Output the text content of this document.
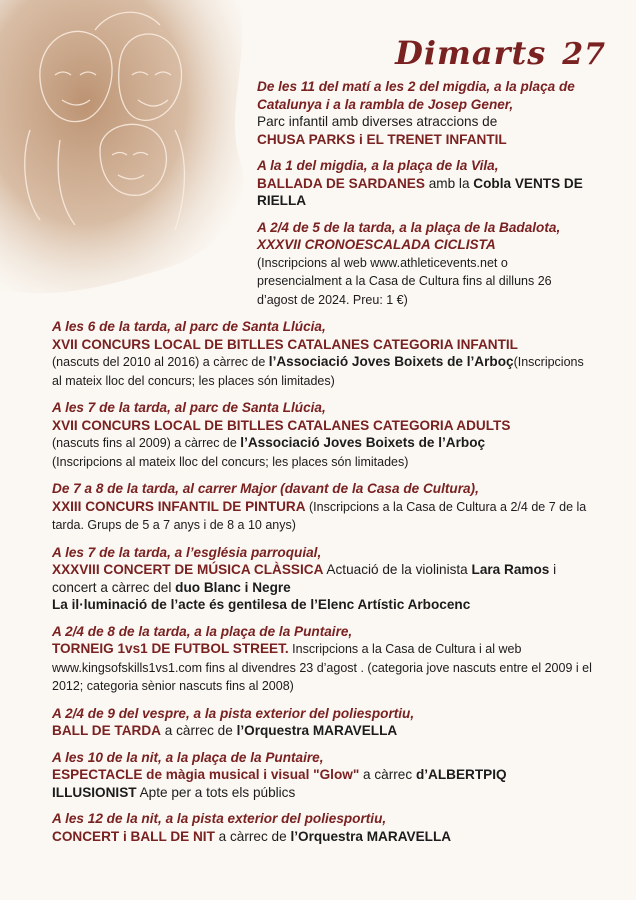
Dimarts 27
De les 11 del matí a les 2 del migdia, a la plaça de Catalunya i a la rambla de Josep Gener,
Parc infantil amb diverses atraccions de
CHUSA PARKS i EL TRENET INFANTIL
A la 1 del migdia, a la plaça de la Vila,
BALLADA DE SARDANES amb la Cobla VENTS DE RIELLA
A 2/4 de 5 de la tarda, a la plaça de la Badalota,
XXXVII CRONOESCALADA CICLISTA
(Inscripcions al web www.athleticevents.net o presencialment a la Casa de Cultura fins al dilluns 26 d’agost de 2024. Preu: 1 €)
A les 6 de la tarda, al parc de Santa Llúcia,
XVII CONCURS LOCAL DE BITLLES CATALANES CATEGORIA INFANTIL
(nascuts del 2010 al 2016) a càrrec de l’Associació Joves Boixets de l’Arboç(Inscripcions al mateix lloc del concurs; les places són limitades)
A les 7 de la tarda, al parc de Santa Llúcia,
XVII CONCURS LOCAL DE BITLLES CATALANES CATEGORIA ADULTS
(nascuts fins al 2009) a càrrec de l’Associació Joves Boixets de l’Arboç
(Inscripcions al mateix lloc del concurs; les places són limitades)
De 7 a 8 de la tarda, al carrer Major (davant de la Casa de Cultura),
XXIII CONCURS INFANTIL DE PINTURA (Inscripcions a la Casa de Cultura a 2/4 de 7 de la tarda. Grups de 5 a 7 anys i de 8 a 10 anys)
A les 7 de la tarda, a l’església parroquial,
XXXVIII CONCERT DE MÚSICA CLÀSSICA Actuació de la violinista Lara Ramos i concert a càrrec del duo Blanc i Negre
La il·luminació de l’acte és gentilesa de l’Elenc Artístic Arbocenc
A 2/4 de 8 de la tarda, a la plaça de la Puntaire,
TORNEIG 1vs1 DE FUTBOL STREET. Inscripcions a la Casa de Cultura i al web www.kingsofskills1vs1.com fins al divendres 23 d’agost . (categoria jove nascuts entre el 2009 i el 2012; categoria sènior nascuts fins al 2008)
A 2/4 de 9 del vespre, a la pista exterior del poliesportiu,
BALL DE TARDA a càrrec de l’Orquestra MARAVELLA
A les 10 de la nit, a la plaça de la Puntaire,
ESPECTACLE de màgia musical i visual "Glow" a càrrec d’ALBERTPIQ ILLUSIONIST Apte per a tots els públics
A les 12 de la nit, a la pista exterior del poliesportiu,
CONCERT i BALL DE NIT a càrrec de l’Orquestra MARAVELLA
